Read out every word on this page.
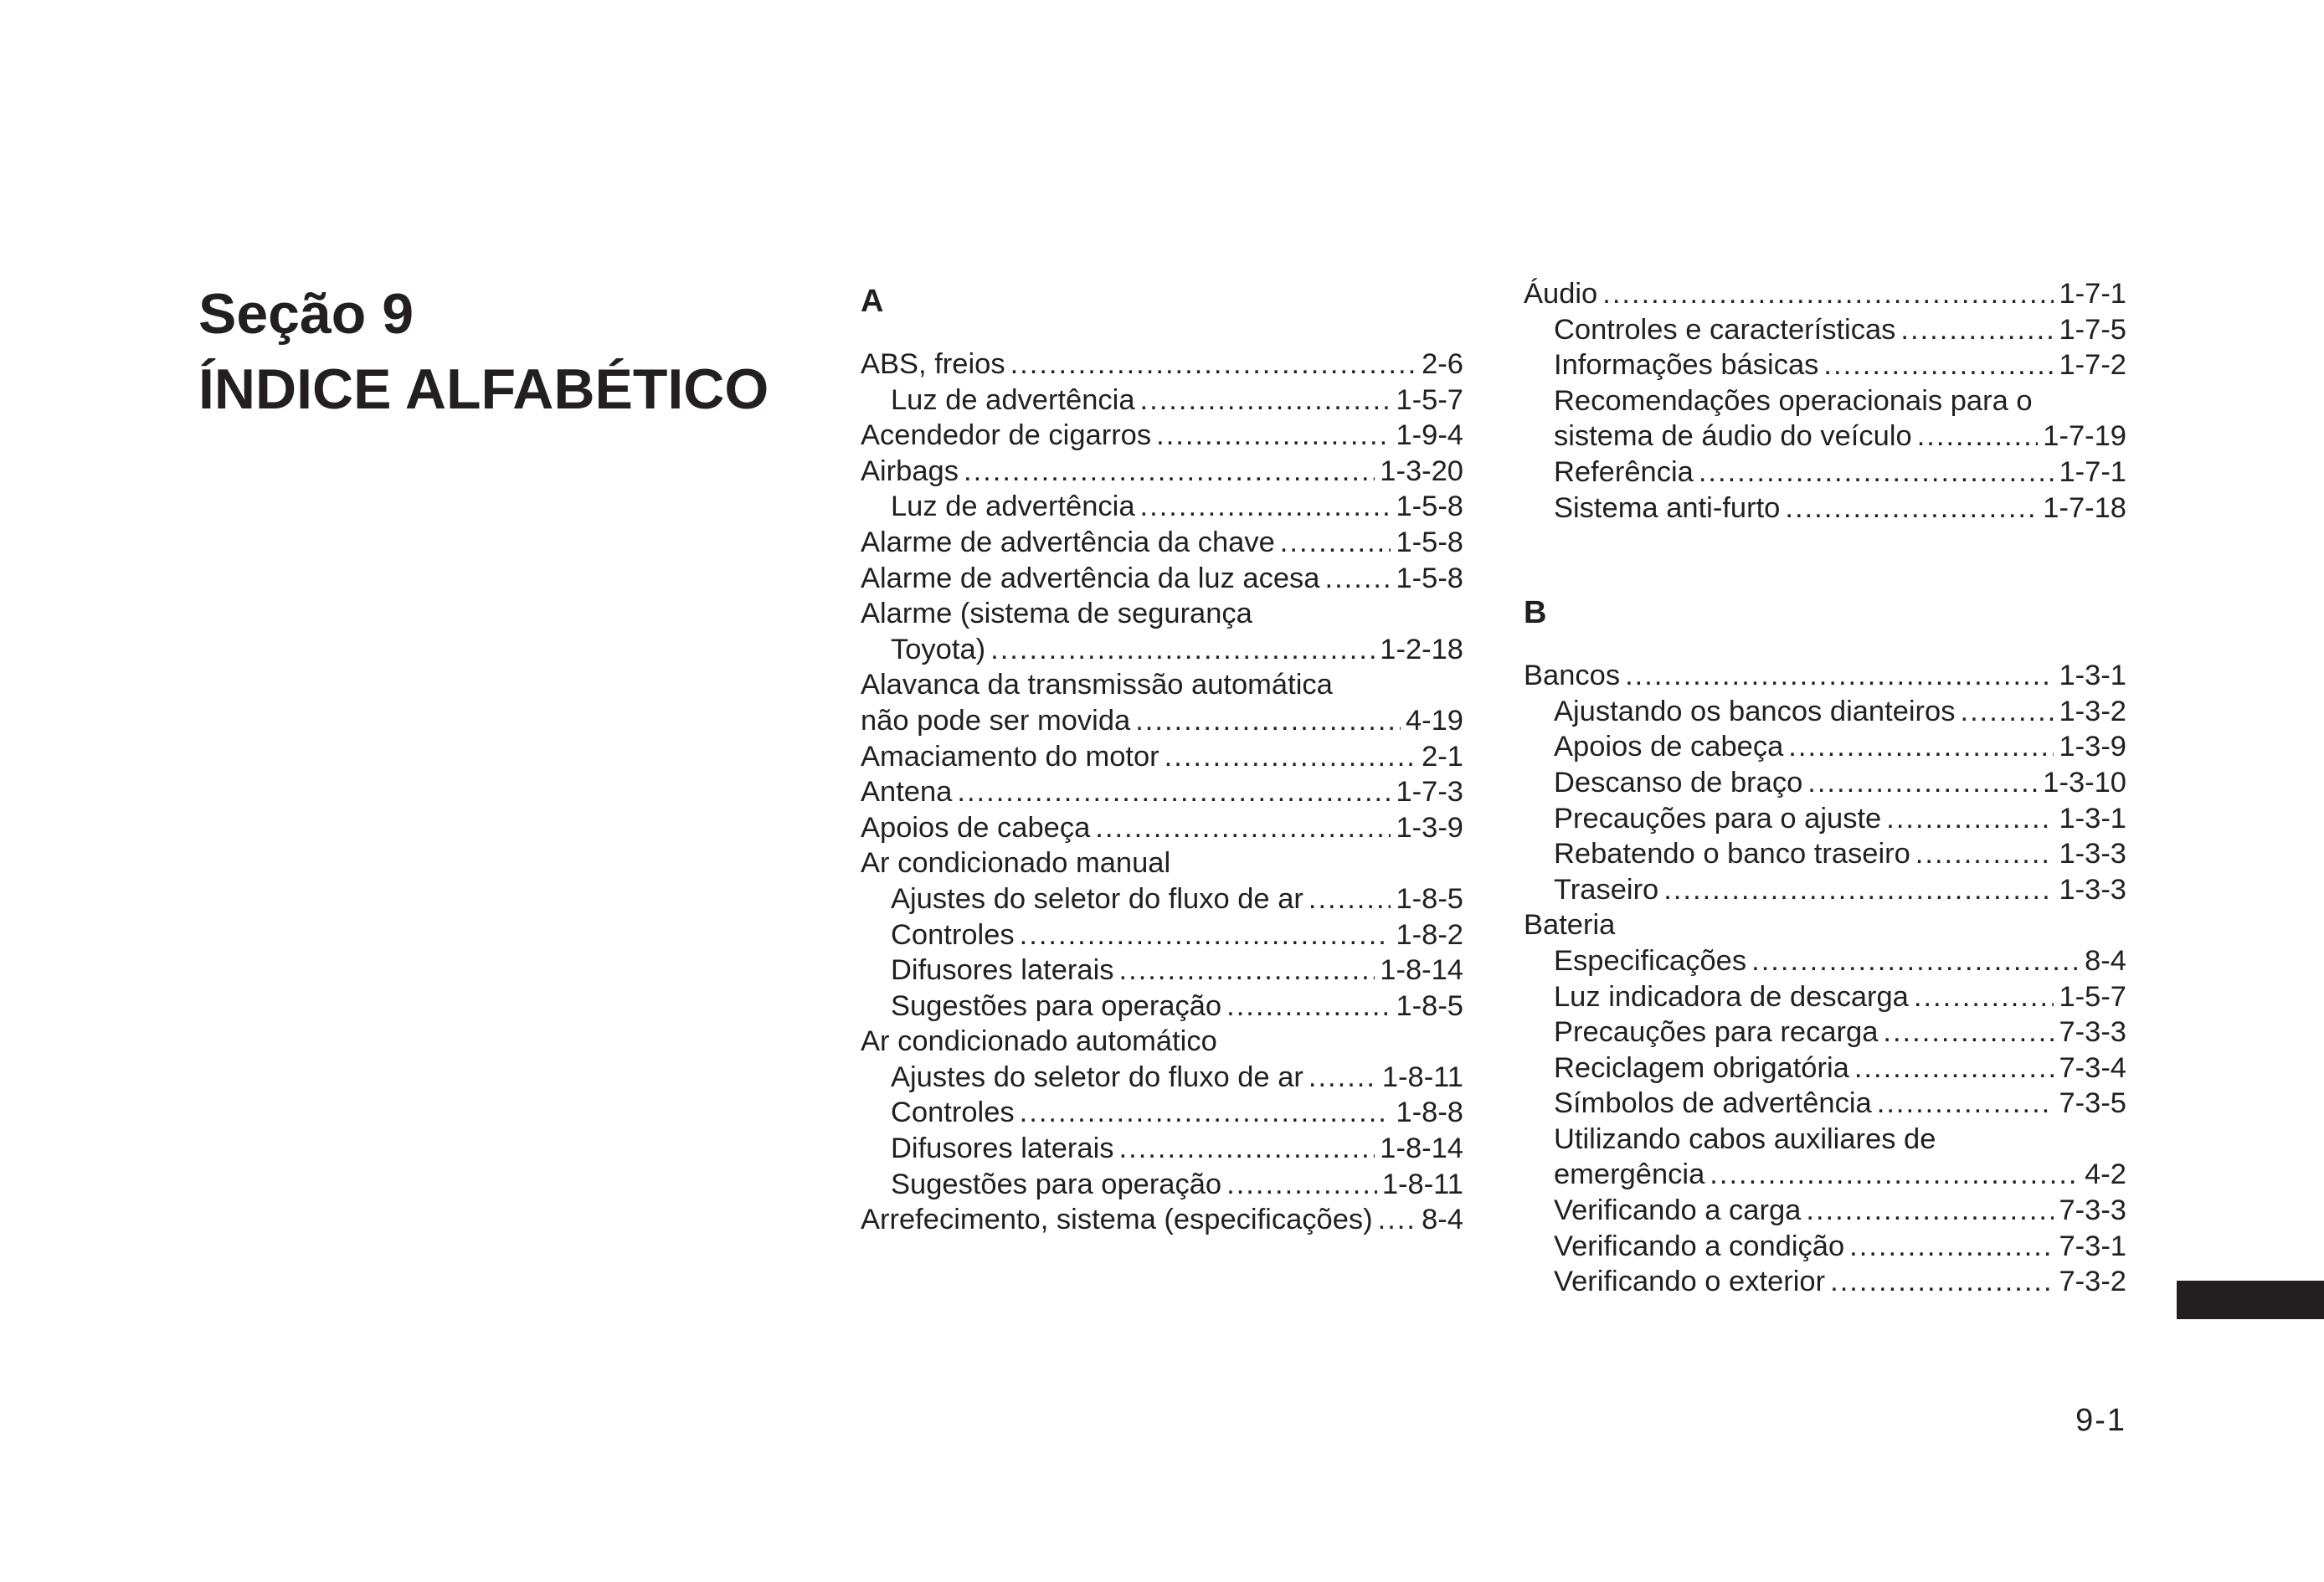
Seção 9
ÍNDICE ALFABÉTICO
A
ABS, freios .....	2-6
Luz de advertência .....	1-5-7
Acendedor de cigarros .....	1-9-4
Airbags .....	1-3-20
Luz de advertência .....	1-5-8
Alarme de advertência da chave .....	1-5-8
Alarme de advertência da luz acesa .....	1-5-8
Alarme (sistema de segurança
Toyota) .....	1-2-18
Alavanca da transmissão automática
não pode ser movida .....	4-19
Amaciamento do motor .....	2-1
Antena .....	1-7-3
Apoios de cabeça .....	1-3-9
Ar condicionado manual
Ajustes do seletor do fluxo de ar .....	1-8-5
Controles .....	1-8-2
Difusores laterais .....	1-8-14
Sugestões para operação .....	1-8-5
Ar condicionado automático
Ajustes do seletor do fluxo de ar .....	1-8-11
Controles .....	1-8-8
Difusores laterais .....	1-8-14
Sugestões para operação .....	1-8-11
Arrefecimento, sistema (especificações) ..... 8-4
Áudio .....	1-7-1
Controles e características .....	1-7-5
Informações básicas .....	1-7-2
Recomendações operacionais para o
sistema de áudio do veículo .....	1-7-19
Referência .....	1-7-1
Sistema anti-furto .....	1-7-18
B
Bancos .....	1-3-1
Ajustando os bancos dianteiros .....	1-3-2
Apoios de cabeça .....	1-3-9
Descanso de braço .....	1-3-10
Precauções para o ajuste .....	1-3-1
Rebatendo o banco traseiro .....	1-3-3
Traseiro .....	1-3-3
Bateria
Especificações .....	8-4
Luz indicadora de descarga .....	1-5-7
Precauções para recarga .....	7-3-3
Reciclagem obrigatória .....	7-3-4
Símbolos de advertência .....	7-3-5
Utilizando cabos auxiliares de
emergência .....	4-2
Verificando a carga .....	7-3-3
Verificando a condição .....	7-3-1
Verificando o exterior .....	7-3-2
9-1
